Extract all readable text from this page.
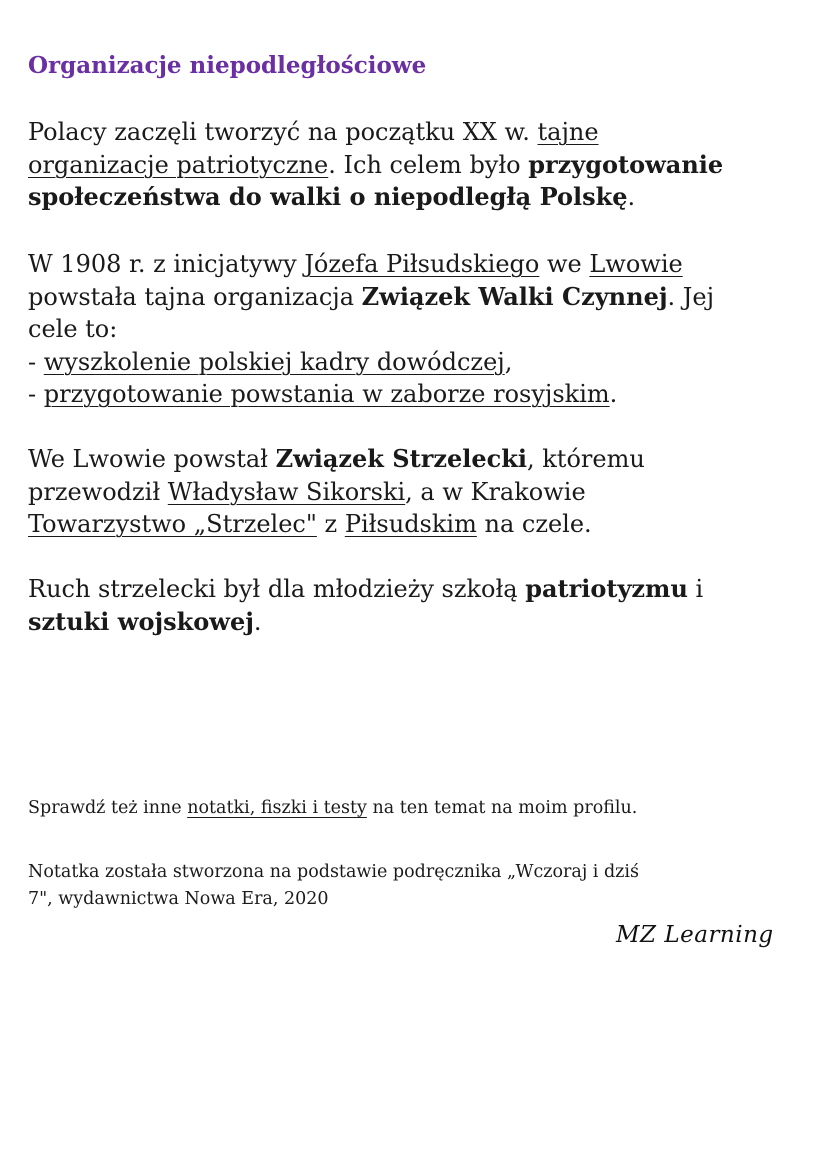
Organizacje niepodległościowe

Polacy zaczęli tworzyć na początku XX w. tajne
organizacje patriotyczne. Ich celem było przygotowanie
społeczeństwa do walki o niepodległą Polskę.

W 1908 r. z inicjatywy Józefa Piłsudskiego we Lwowie
powstała tajna organizacja Związek Walki Czynnej. Jej
cele to:
- wyszkolenie polskiej kadry dowódczej,
- przygotowanie powstania w zaborze rosyjskim.

We Lwowie powstał Związek Strzelecki, któremu
przewodził Władysław Sikorski, a w Krakowie
Towarzystwo „Strzelec" z Piłsudskim na czele.

Ruch strzelecki był dla młodzieży szkołą patriotyzmu i
sztuki wojskowej.

Sprawdź też inne notatki, fiszki i testy na ten temat na moim profilu.

Notatka została stworzona na podstawie podręcznika „Wczoraj i dziś
7", wydawnictwa Nowa Era, 2020

MZ Learning
